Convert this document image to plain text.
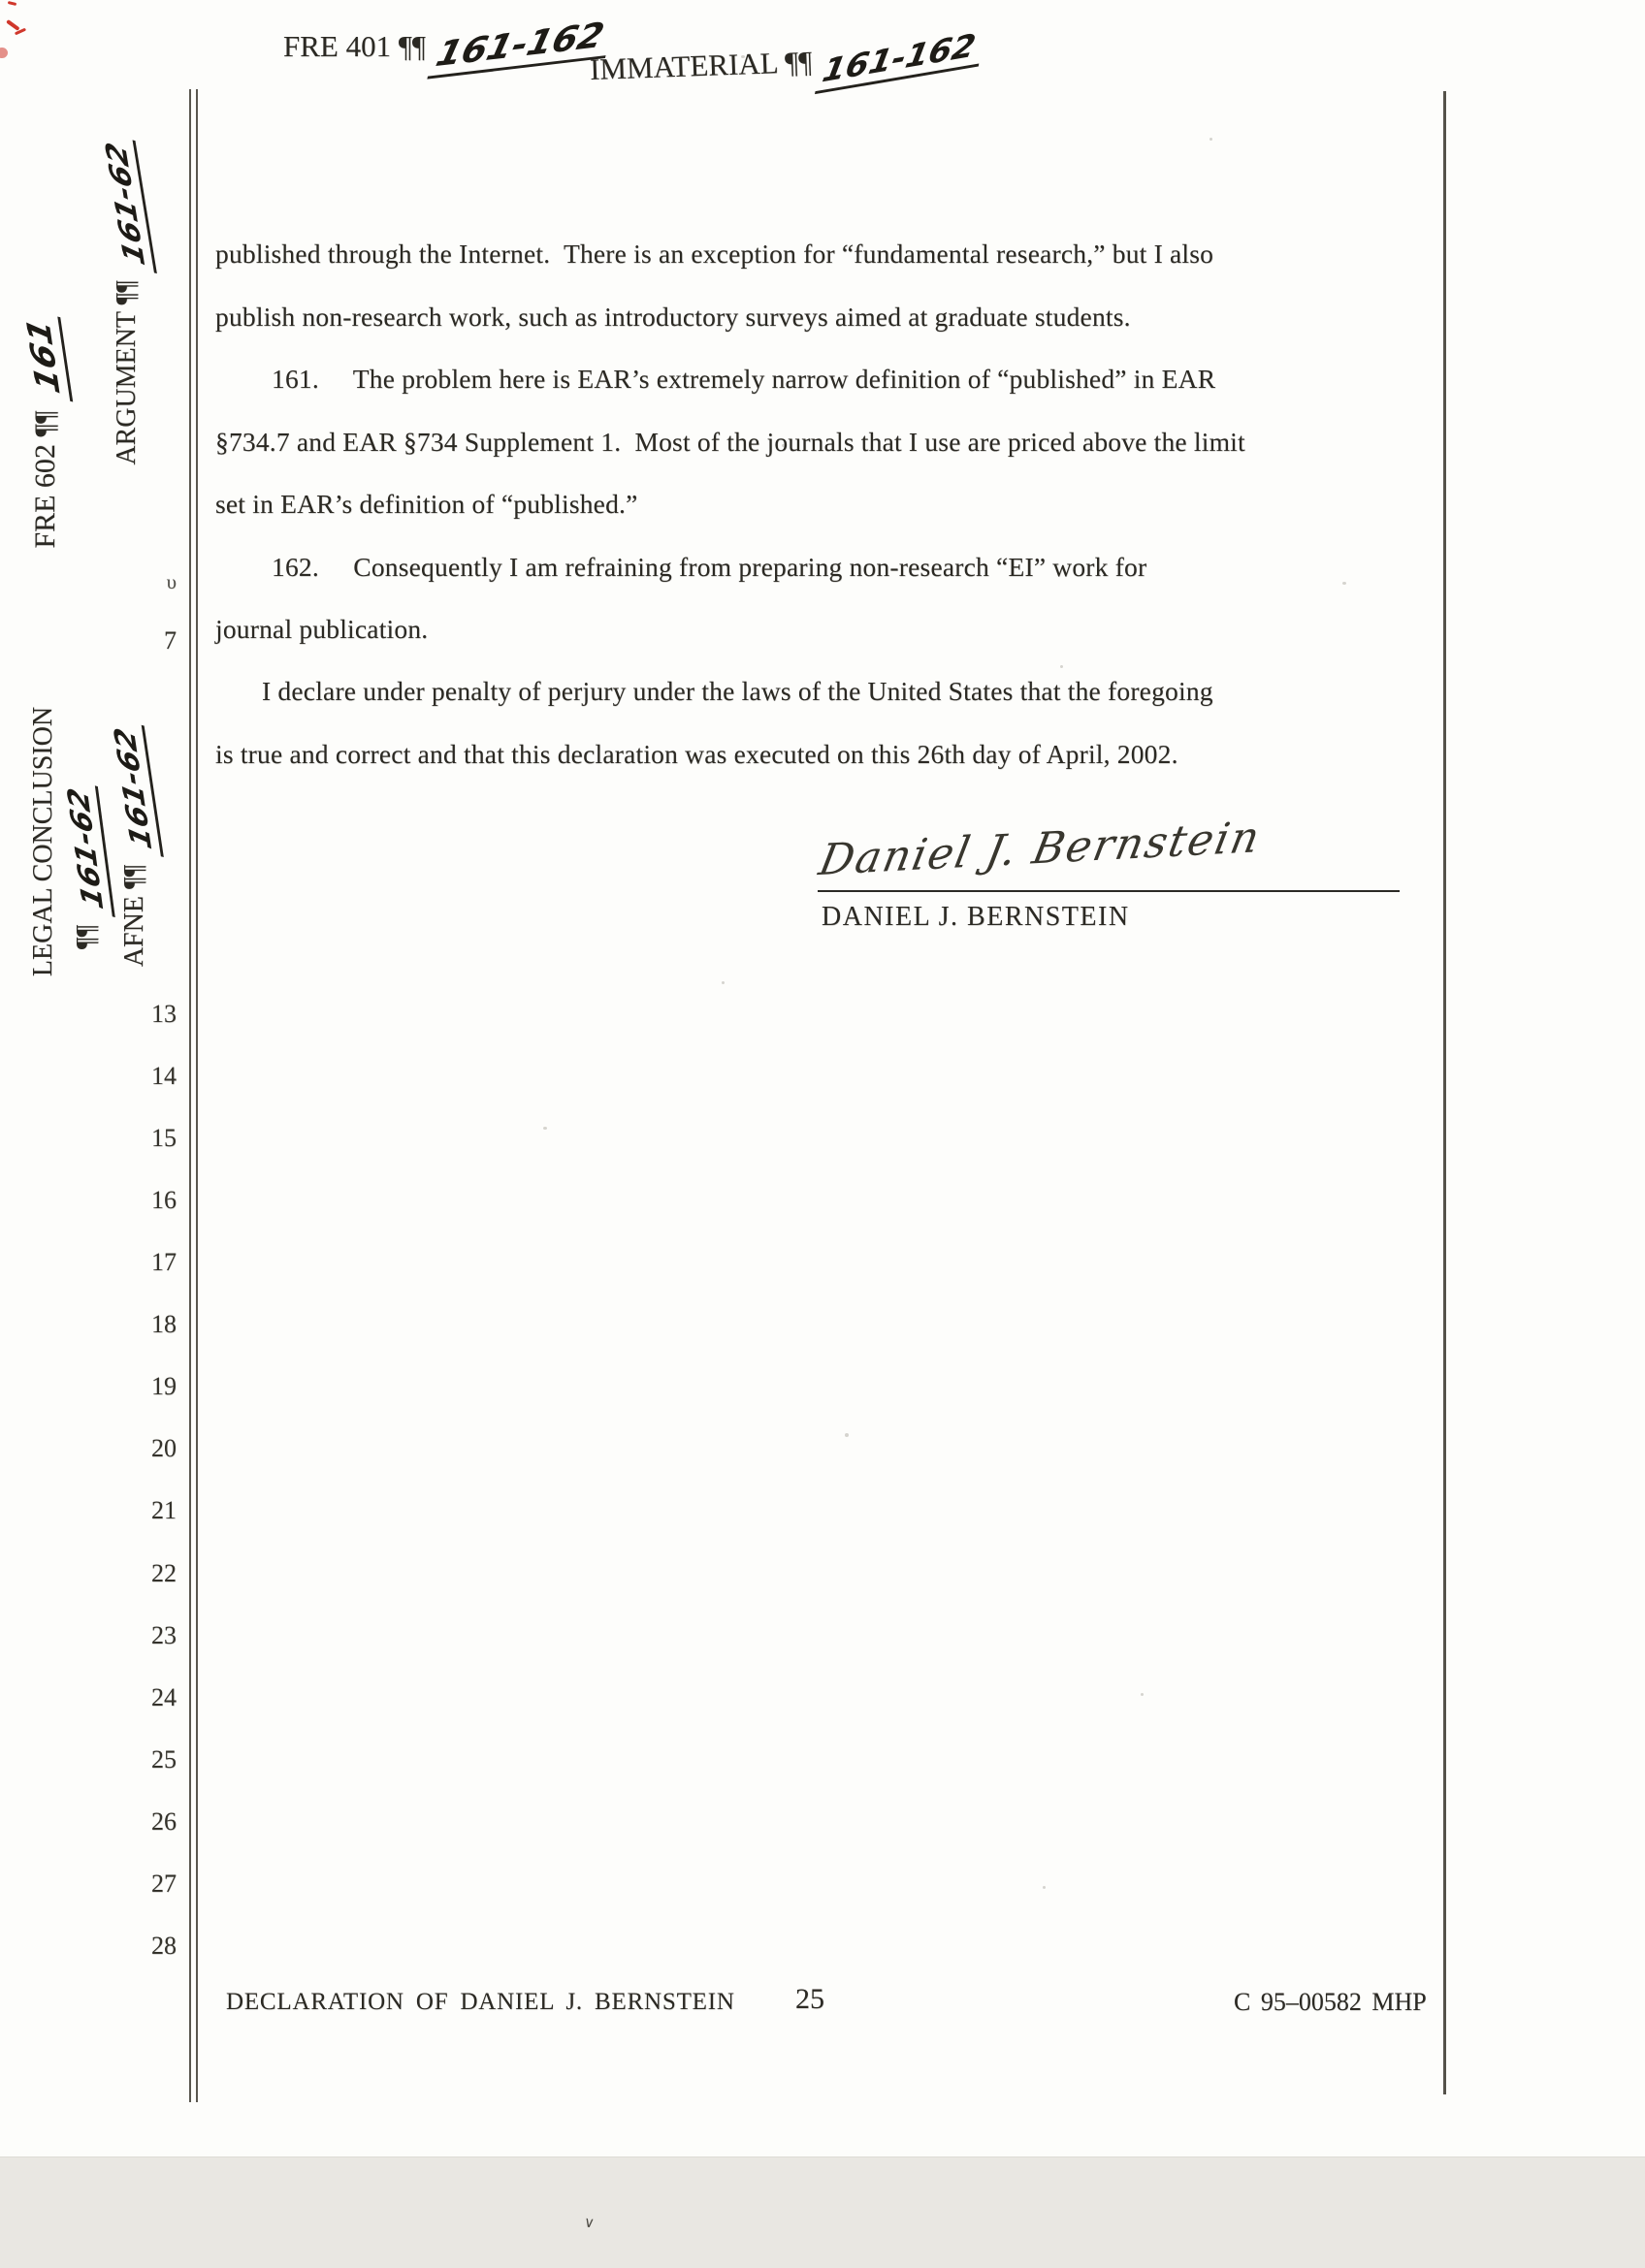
FRE 401 ¶¶ 161-162
IMMATERIAL ¶¶ 161-162
FRE 602 ¶¶
161 ARGUMENT ¶¶
161-62
LEGAL CONCLUSION ¶¶
161-62
AFNE ¶¶
161-62
υ
7
13
14
15
16
17
18
19
20
21
22
23
24
25
26
27
28
published through the Internet.  There is an exception for “fundamental research,” but I also
publish non-research work, such as introductory surveys aimed at graduate students.
161.     The problem here is EAR’s extremely narrow definition of “published” in EAR
§734.7 and EAR §734 Supplement 1.  Most of the journals that I use are priced above the limit
set in EAR’s definition of “published.”
162.     Consequently I am refraining from preparing non-research “EI” work for
journal publication.
I declare under penalty of perjury under the laws of the United States that the foregoing
is true and correct and that this declaration was executed on this 26th day of April, 2002.
Daniel J. Bernstein
DANIEL J. BERNSTEIN
DECLARATION OF DANIEL J. BERNSTEIN 25	C 95–00582 MHP
∨
